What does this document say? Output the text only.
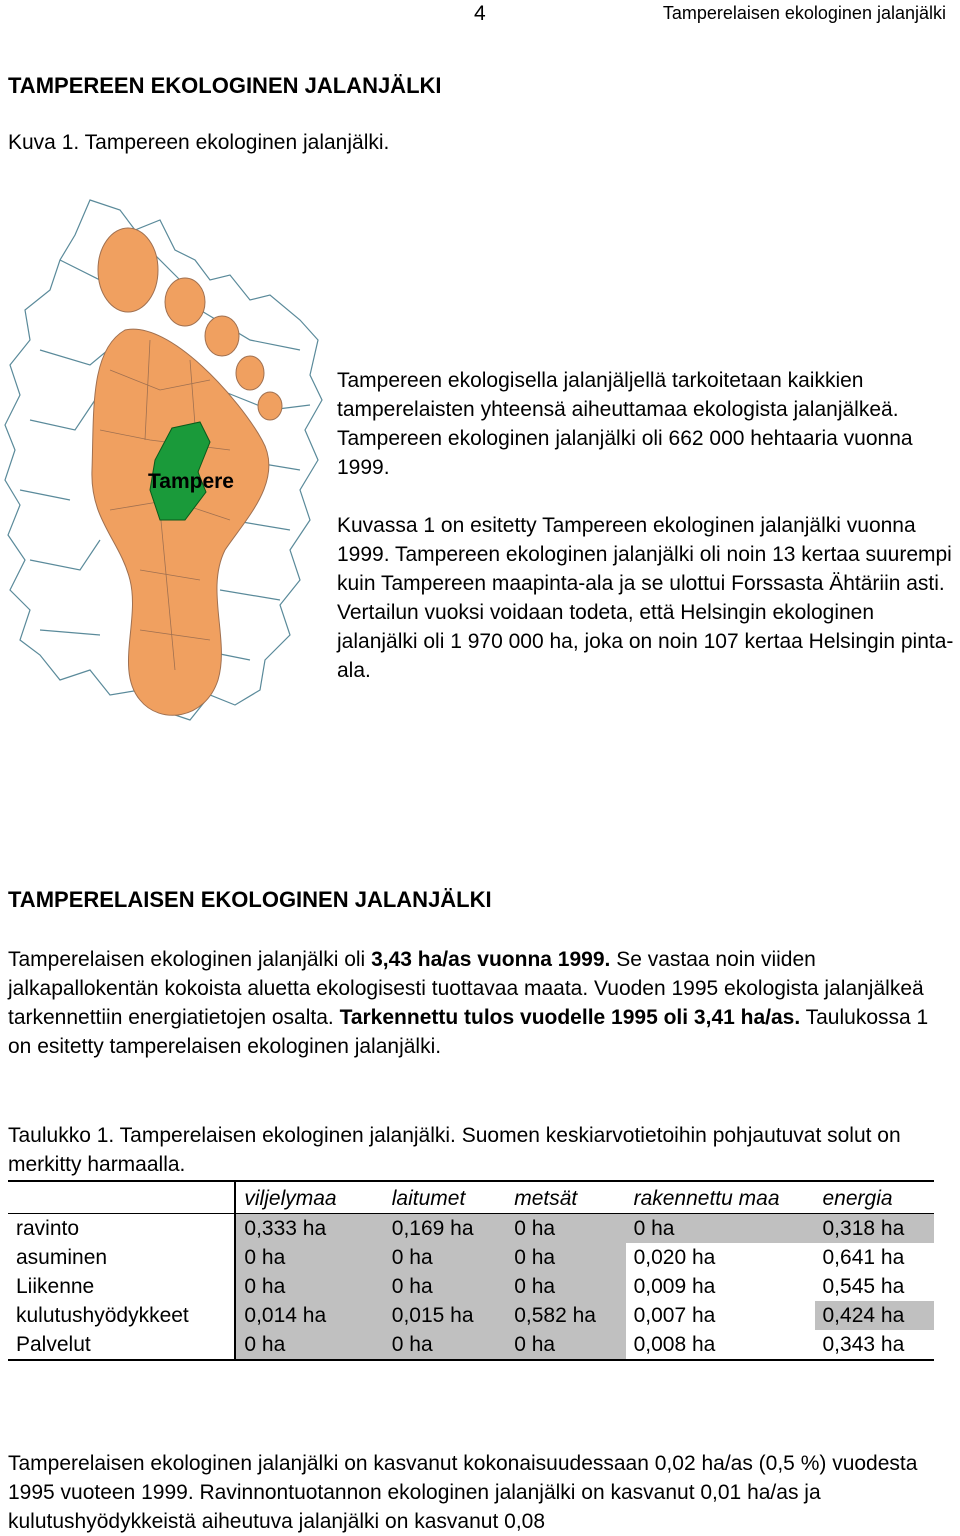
4	Tamperelaisen ekologinen jalanjälki
TAMPEREEN EKOLOGINEN JALANJÄLKI
Kuva 1. Tampereen ekologinen jalanjälki.
Tampere
Tampereen ekologisella jalanjäljellä tarkoitetaan kaikkien tamperelaisten yhteensä aiheuttamaa ekologista jalanjälkeä. Tampereen ekologinen jalanjälki oli 662 000 hehtaaria vuonna 1999.
Kuvassa 1 on esitetty Tampereen ekologinen jalanjälki vuonna 1999. Tampereen ekologinen jalanjälki oli noin 13 kertaa suurempi kuin Tampereen maapinta-ala ja se ulottui Forssasta Ähtäriin asti. Vertailun vuoksi voidaan todeta, että Helsingin ekologinen jalanjälki oli 1 970 000 ha, joka on noin 107 kertaa Helsingin pinta-ala.
TAMPERELAISEN EKOLOGINEN JALANJÄLKI
Tamperelaisen ekologinen jalanjälki oli 3,43 ha/as vuonna 1999. Se vastaa noin viiden jalkapallokentän kokoista aluetta ekologisesti tuottavaa maata. Vuoden 1995 ekologista jalanjälkeä tarkennettiin energiatietojen osalta. Tarkennettu tulos vuodelle 1995 oli 3,41 ha/as. Taulukossa 1 on esitetty tamperelaisen ekologinen jalanjälki.
Taulukko 1. Tamperelaisen ekologinen jalanjälki. Suomen keskiarvotietoihin pohjautuvat solut on merkitty harmaalla.
	viljelymaa	laitumet	metsät	rakennettu maa	energia
ravinto	0,333 ha	0,169 ha	0 ha	0 ha	0,318 ha
asuminen	0 ha	0 ha	0 ha	0,020 ha	0,641 ha
Liikenne	0 ha	0 ha	0 ha	0,009 ha	0,545 ha
kulutushyödykkeet	0,014 ha	0,015 ha	0,582 ha	0,007 ha	0,424 ha
Palvelut	0 ha	0 ha	0 ha	0,008 ha	0,343 ha
Tamperelaisen ekologinen jalanjälki on kasvanut kokonaisuudessaan 0,02 ha/as (0,5 %) vuodesta 1995 vuoteen 1999. Ravinnontuotannon ekologinen jalanjälki on kasvanut 0,01 ha/as ja kulutushyödykkeistä aiheutuva jalanjälki on kasvanut 0,08
